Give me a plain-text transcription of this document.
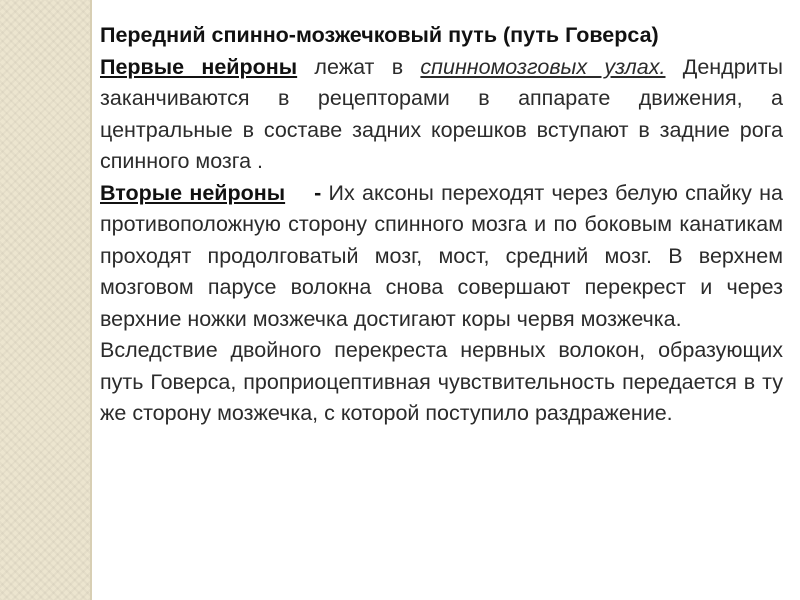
Передний спинно-мозжечковый путь (путь Говерса)

Первые нейроны лежат в спинномозговых узлах. Дендриты заканчиваются в рецепторами в аппарате движения, а центральные в составе задних корешков вступают в задние рога спинного мозга .

Вторые нейроны    - Их аксоны переходят через белую спайку на противоположную сторону спинного мозга и по боковым канатикам проходят продолговатый мозг, мост, средний мозг. В верхнем мозговом парусе волокна снова совершают перекрест и через верхние ножки мозжечка достигают коры червя мозжечка.

Вследствие двойного перекреста нервных волокон, образующих путь Говерса, проприоцептивная чувствительность передается в ту же сторону мозжечка, с которой поступило раздражение.
